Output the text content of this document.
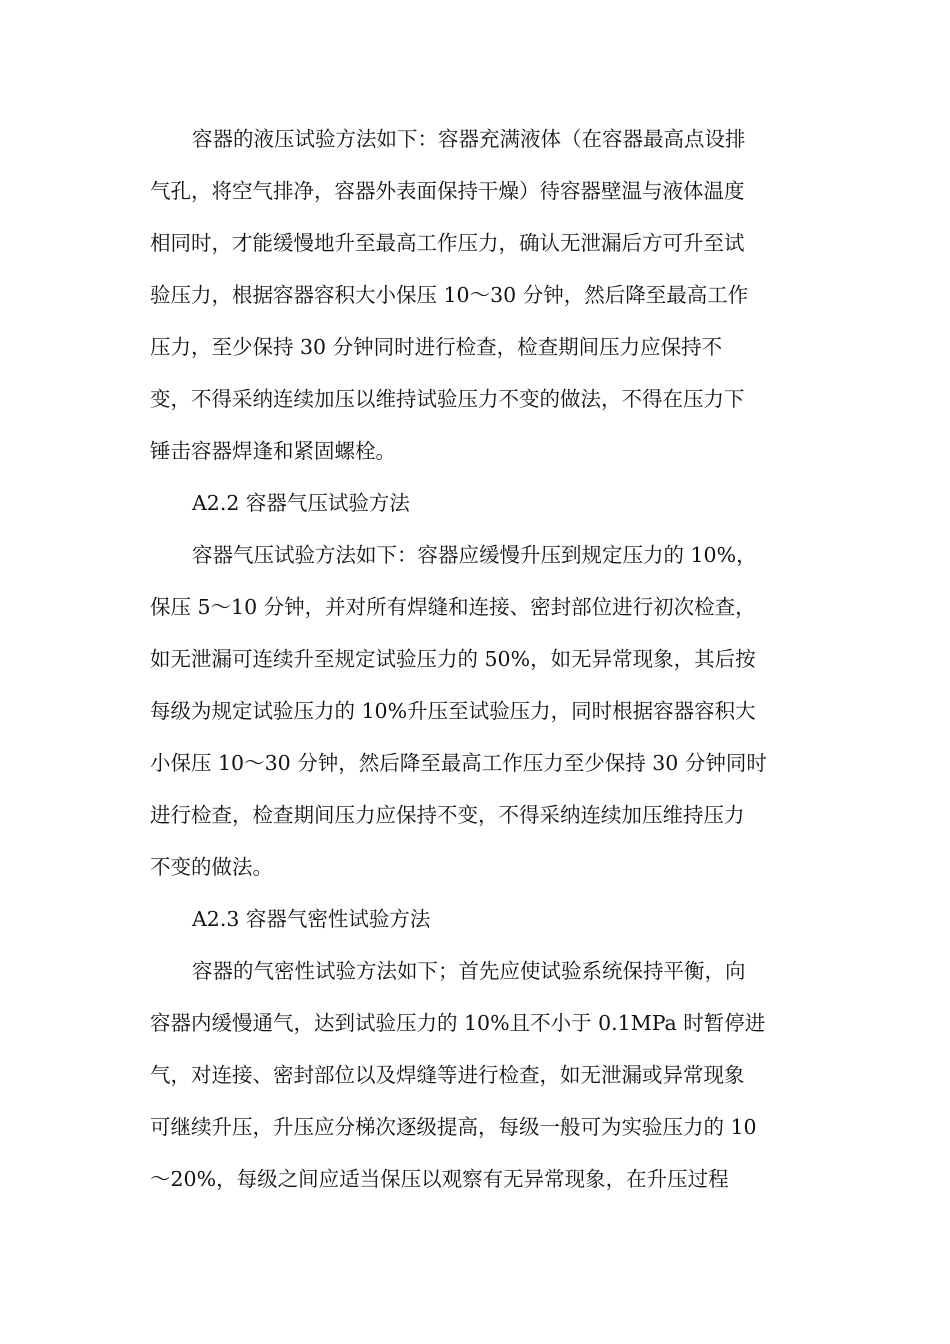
容器的液压试验方法如下：容器充满液体（在容器最高点设排
气孔，将空气排净，容器外表面保持干燥）待容器壁温与液体温度
相同时，才能缓慢地升至最高工作压力，确认无泄漏后方可升至试
验压力，根据容器容积大小保压 10～30 分钟，然后降至最高工作
压力，至少保持 30 分钟同时进行检查，检查期间压力应保持不
变，不得采纳连续加压以维持试验压力不变的做法，不得在压力下
锤击容器焊逢和紧固螺栓。
A2.2 容器气压试验方法
容器气压试验方法如下：容器应缓慢升压到规定压力的 10%，
保压 5～10 分钟，并对所有焊缝和连接、密封部位进行初次检查，
如无泄漏可连续升至规定试验压力的 50%，如无异常现象，其后按
每级为规定试验压力的 10%升压至试验压力，同时根据容器容积大
小保压 10～30 分钟，然后降至最高工作压力至少保持 30 分钟同时
进行检查，检查期间压力应保持不变，不得采纳连续加压维持压力
不变的做法。
A2.3 容器气密性试验方法
容器的气密性试验方法如下；首先应使试验系统保持平衡，向
容器内缓慢通气，达到试验压力的 10%且不小于 0.1MPa 时暂停进
气，对连接、密封部位以及焊缝等进行检查，如无泄漏或异常现象
可继续升压，升压应分梯次逐级提高，每级一般可为实验压力的 10
～20%，每级之间应适当保压以观察有无异常现象，在升压过程
